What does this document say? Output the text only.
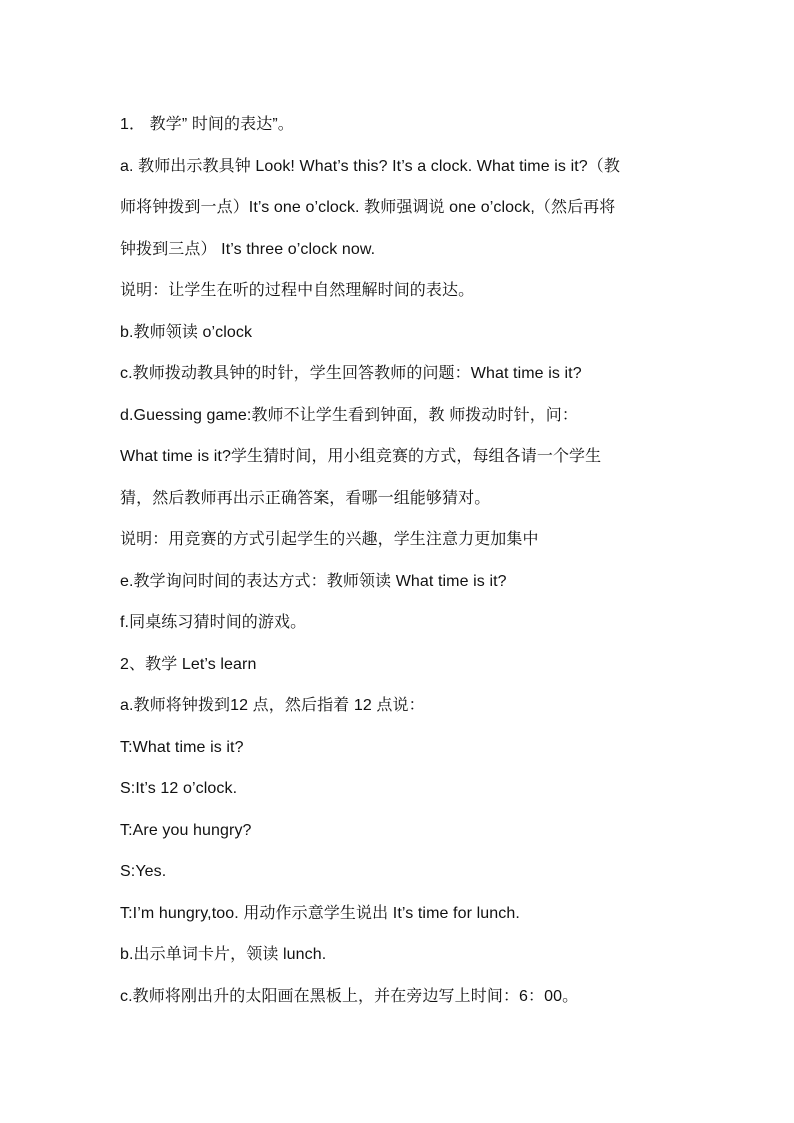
1． 教学” 时间的表达”。
a. 教师出示教具钟 Look! What’s this? It’s a clock. What time is it?（教
师将钟拨到一点）It’s one o’clock. 教师强调说 one o’clock,（然后再将
钟拨到三点） It’s three o’clock now.
说明：让学生在听的过程中自然理解时间的表达。
b.教师领读 o’clock
c.教师拨动教具钟的时针，学生回答教师的问题：What time is it?
d.Guessing game:教师不让学生看到钟面，教 师拨动时针，问：
What time is it?学生猜时间，用小组竞赛的方式，每组各请一个学生
猜，然后教师再出示正确答案，看哪一组能够猜对。
说明：用竞赛的方式引起学生的兴趣，学生注意力更加集中
e.教学询问时间的表达方式：教师领读 What time is it?
f.同桌练习猜时间的游戏。
2、教学 Let’s learn
a.教师将钟拨到12 点，然后指着 12 点说：
T:What time is it?
S:It’s 12 o’clock.
T:Are you hungry?
S:Yes.
T:I’m hungry,too. 用动作示意学生说出 It’s time for lunch.
b.出示单词卡片，领读 lunch.
c.教师将刚出升的太阳画在黑板上，并在旁边写上时间：6：00。
